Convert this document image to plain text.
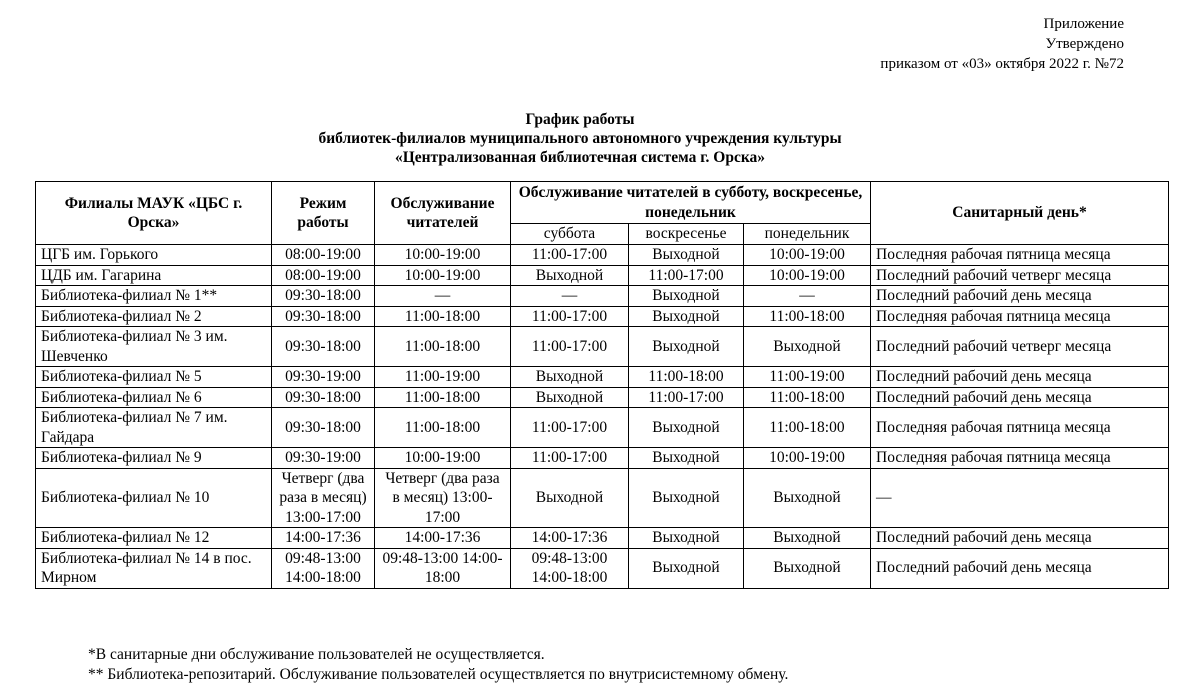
Приложение
Утверждено
приказом от «03» октября 2022 г. №72
График работы
библиотек-филиалов муниципального автономного учреждения культуры
«Централизованная библиотечная система г. Орска»
Филиалы МАУК «ЦБС г. Орска»	Режим работы	Обслуживание читателей	Обслуживание читателей в субботу, воскресенье, понедельник			Санитарный день*
			суббота	воскресенье	понедельник	
ЦГБ им. Горького	08:00-19:00	10:00-19:00	11:00-17:00	Выходной	10:00-19:00	Последняя рабочая пятница месяца
ЦДБ им. Гагарина	08:00-19:00	10:00-19:00	Выходной	11:00-17:00	10:00-19:00	Последний рабочий четверг месяца
Библиотека-филиал № 1**	09:30-18:00	—	—	Выходной	—	Последний рабочий день месяца
Библиотека-филиал № 2	09:30-18:00	11:00-18:00	11:00-17:00	Выходной	11:00-18:00	Последняя рабочая пятница месяца
Библиотека-филиал № 3 им. Шевченко	09:30-18:00	11:00-18:00	11:00-17:00	Выходной	Выходной	Последний рабочий четверг месяца
Библиотека-филиал № 5	09:30-19:00	11:00-19:00	Выходной	11:00-18:00	11:00-19:00	Последний рабочий день месяца
Библиотека-филиал № 6	09:30-18:00	11:00-18:00	Выходной	11:00-17:00	11:00-18:00	Последний рабочий день месяца
Библиотека-филиал № 7 им. Гайдара	09:30-18:00	11:00-18:00	11:00-17:00	Выходной	11:00-18:00	Последняя рабочая пятница месяца
Библиотека-филиал № 9	09:30-19:00	10:00-19:00	11:00-17:00	Выходной	10:00-19:00	Последняя рабочая пятница месяца
Библиотека-филиал № 10	Четверг (два раза в месяц) 13:00-17:00	Четверг (два раза в месяц) 13:00-17:00	Выходной	Выходной	Выходной	—
Библиотека-филиал № 12	14:00-17:36	14:00-17:36	14:00-17:36	Выходной	Выходной	Последний рабочий день месяца
Библиотека-филиал № 14 в пос. Мирном	09:48-13:00 14:00-18:00	09:48-13:00 14:00-18:00	09:48-13:00 14:00-18:00	Выходной	Выходной	Последний рабочий день месяца
*В санитарные дни обслуживание пользователей не осуществляется.
** Библиотека-репозитарий. Обслуживание пользователей осуществляется по внутрисистемному обмену.
